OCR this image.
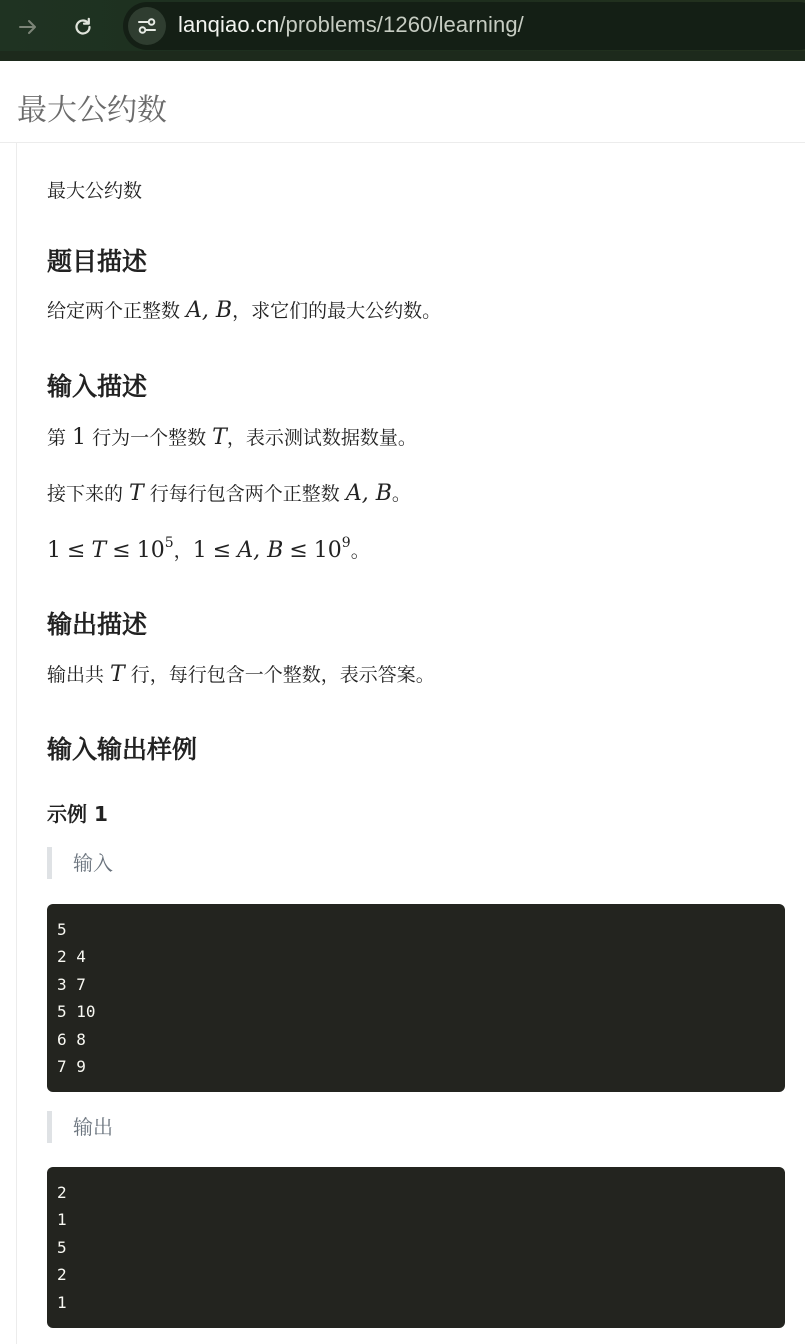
lanqiao.cn/problems/1260/learning/
最大公约数
最大公约数
题目描述
给定两个正整数 A, B，求它们的最大公约数。
输入描述
第 1 行为一个整数 T，表示测试数据数量。
接下来的 T 行每行包含两个正整数 A, B。
$1 \le T \le 10^5$，1 ≤ A, $B \le 10^9$。
输出描述
输出共 T 行，每行包含一个整数，表示答案。
输入输出样例
示例 1
输入
5
2 4
3 7
5 10
6 8
7 9
输出
2
1
5
2
1
